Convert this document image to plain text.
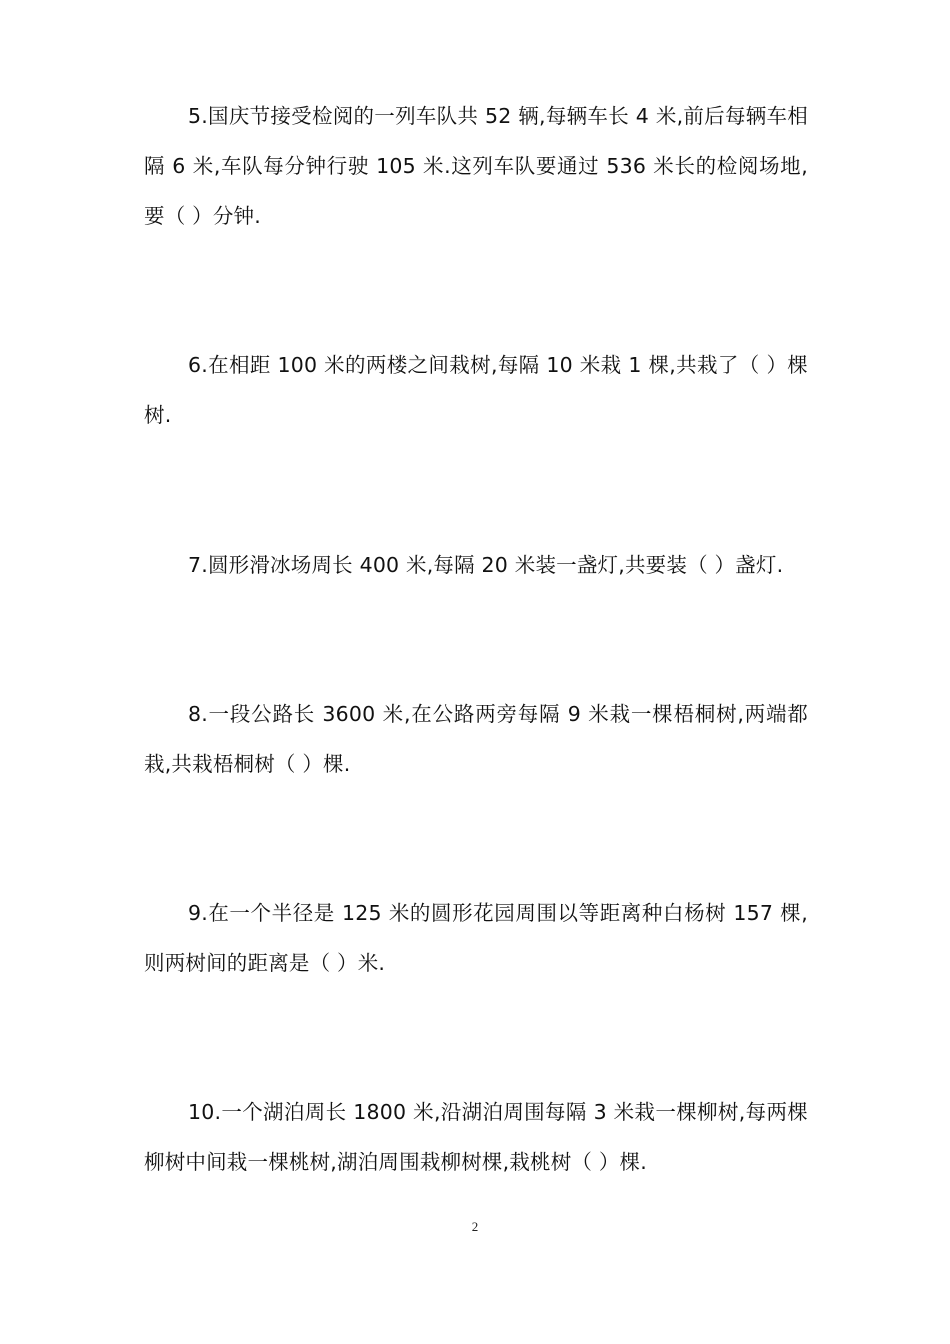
5.国庆节接受检阅的一列车队共 52 辆,每辆车长 4 米,前后每辆车相隔 6 米,车队每分钟行驶 105 米.这列车队要通过 536 米长的检阅场地,要（ ）分钟.

6.在相距 100 米的两楼之间栽树,每隔 10 米栽 1 棵,共栽了（ ）棵树.

7.圆形滑冰场周长 400 米,每隔 20 米装一盏灯,共要装（ ）盏灯.

8.一段公路长 3600 米,在公路两旁每隔 9 米栽一棵梧桐树,两端都栽,共栽梧桐树（ ）棵.

9.在一个半径是 125 米的圆形花园周围以等距离种白杨树 157 棵,则两树间的距离是（ ）米.

10.一个湖泊周长 1800 米,沿湖泊周围每隔 3 米栽一棵柳树,每两棵柳树中间栽一棵桃树,湖泊周围栽柳树棵,栽桃树（ ）棵.

2
